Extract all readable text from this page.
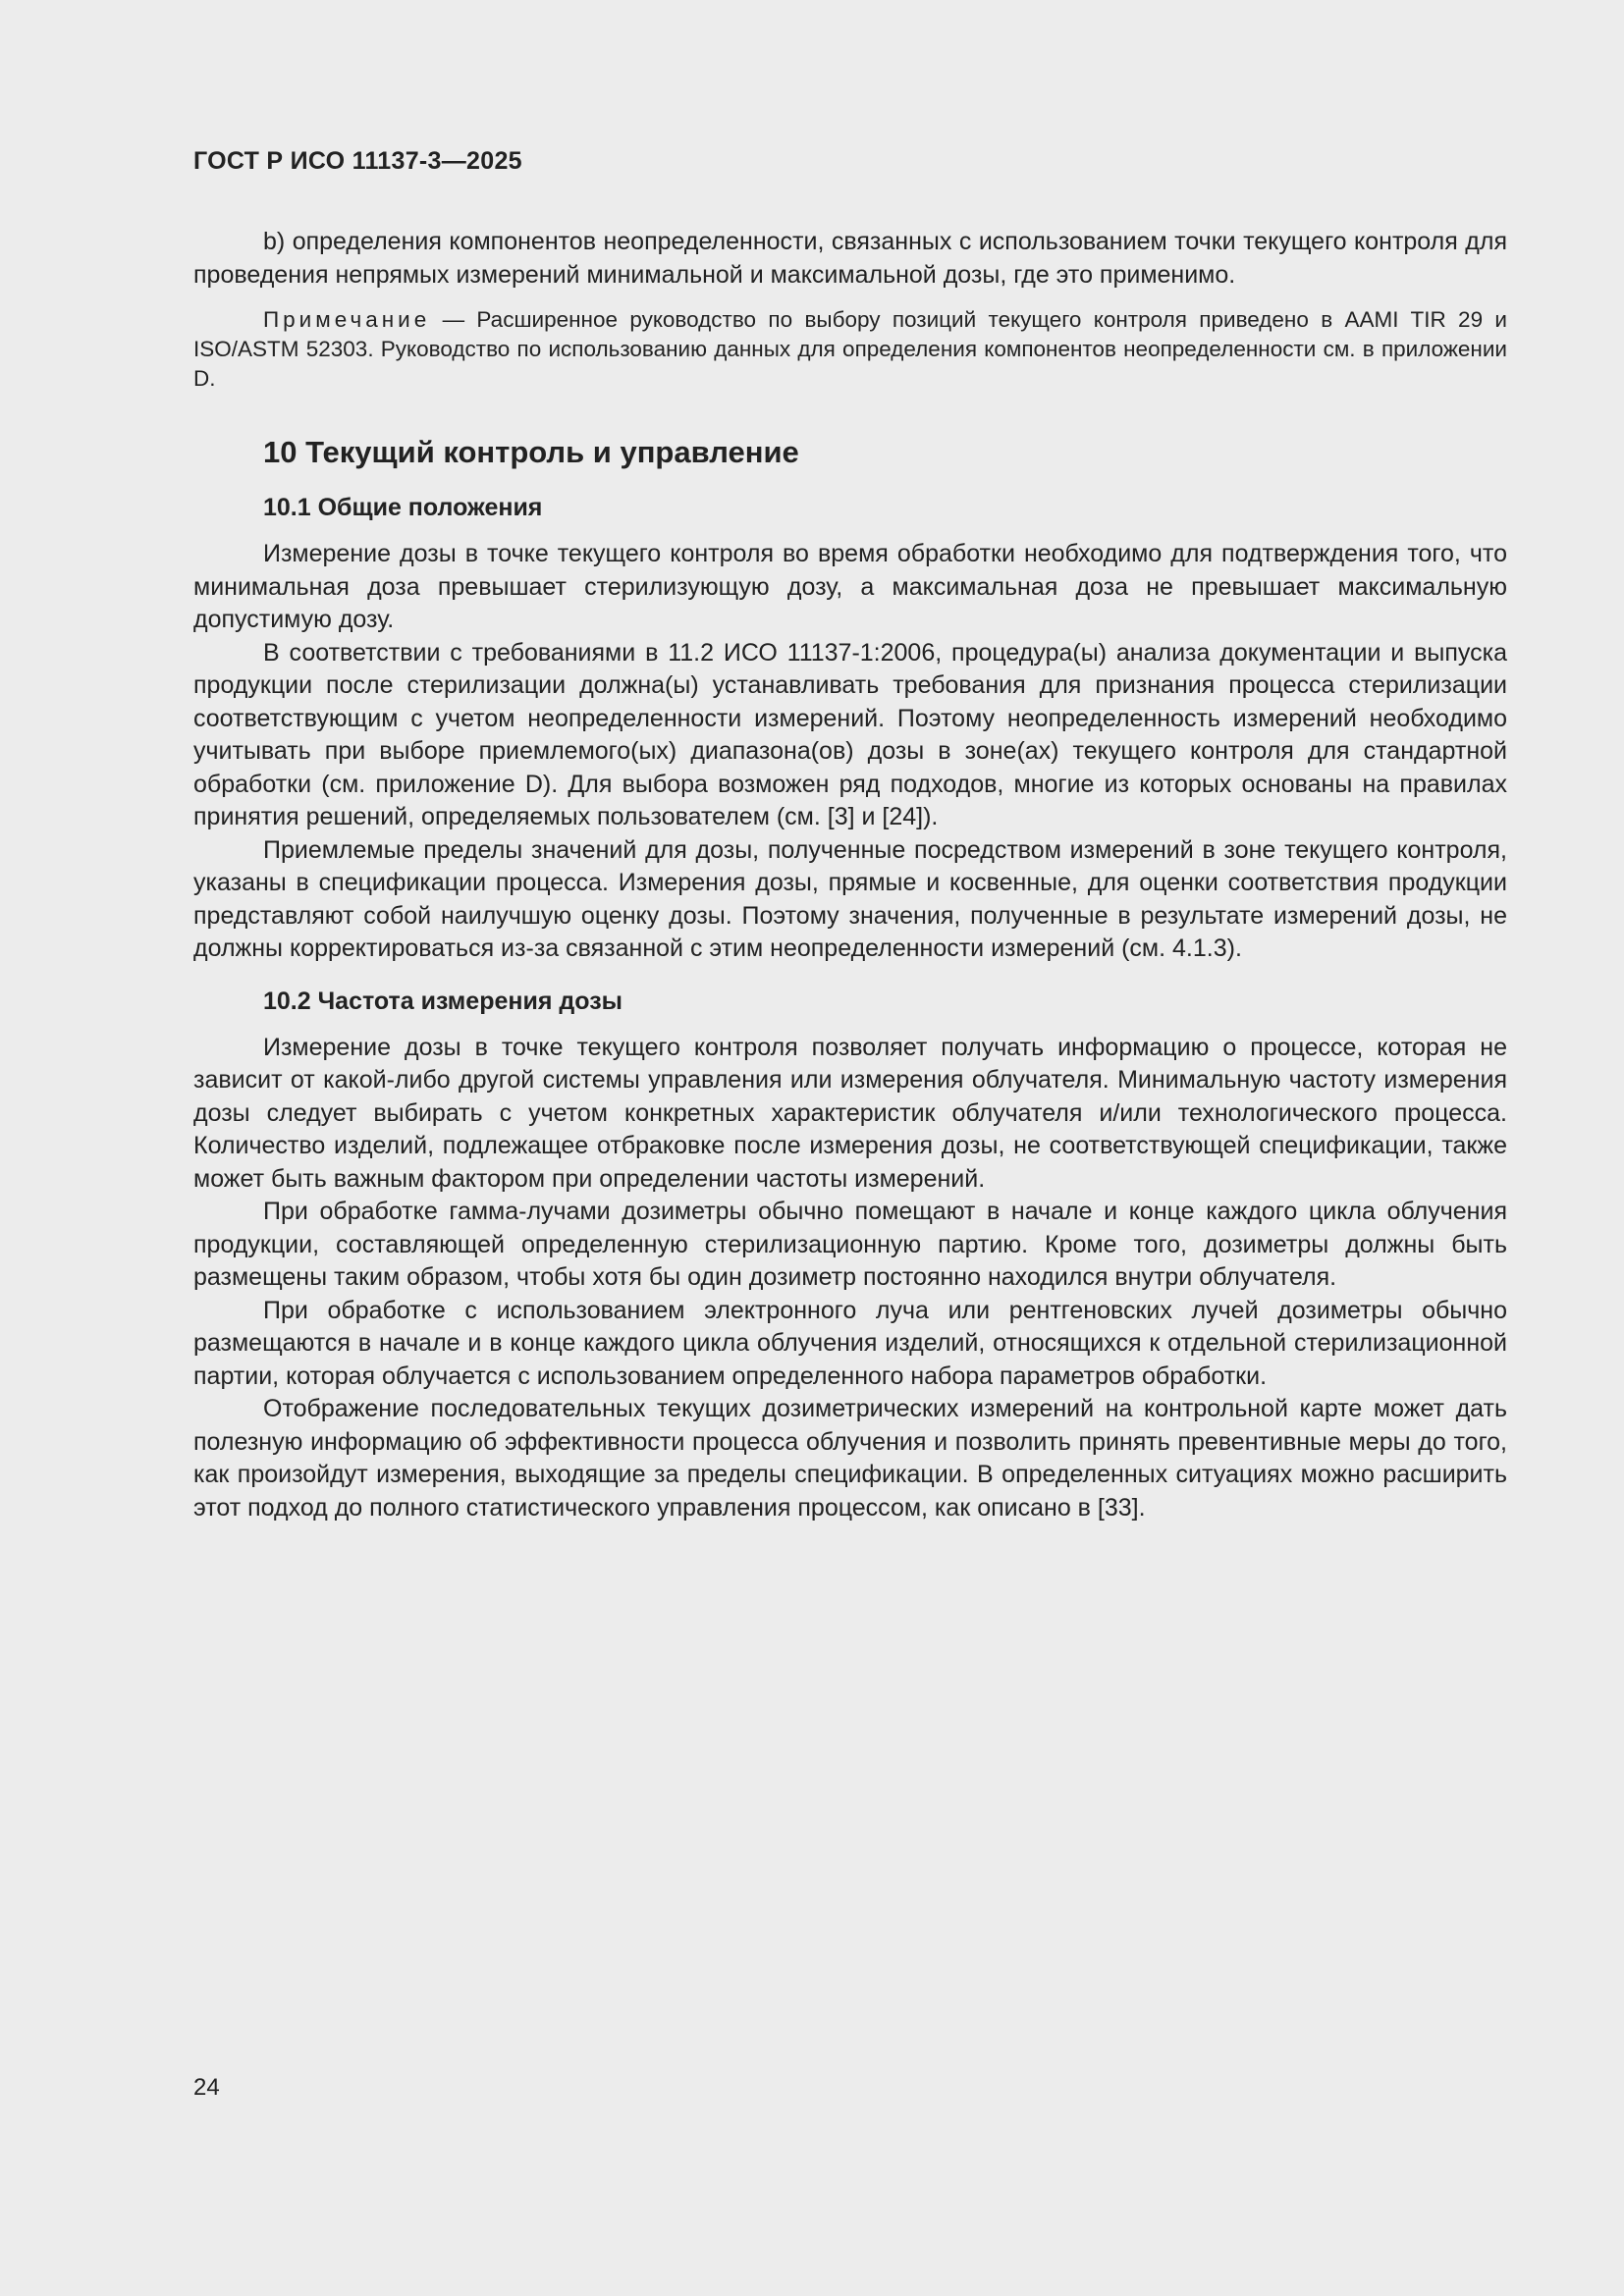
ГОСТ Р ИСО 11137-3—2025

b) определения компонентов неопределенности, связанных с использованием точки текущего контроля для проведения непрямых измерений минимальной и максимальной дозы, где это применимо.

Примечание — Расширенное руководство по выбору позиций текущего контроля приведено в AAMI TIR 29 и ISO/ASTM 52303. Руководство по использованию данных для определения компонентов неопределенности см. в приложении D.

10 Текущий контроль и управление
10.1 Общие положения

Измерение дозы в точке текущего контроля во время обработки необходимо для подтверждения того, что минимальная доза превышает стерилизующую дозу, а максимальная доза не превышает максимальную допустимую дозу.

В соответствии с требованиями в 11.2 ИСО 11137-1:2006, процедура(ы) анализа документации и выпуска продукции после стерилизации должна(ы) устанавливать требования для признания процесса стерилизации соответствующим с учетом неопределенности измерений. Поэтому неопределенность измерений необходимо учитывать при выборе приемлемого(ых) диапазона(ов) дозы в зоне(ах) текущего контроля для стандартной обработки (см. приложение D). Для выбора возможен ряд подходов, многие из которых основаны на правилах принятия решений, определяемых пользователем (см. [3] и [24]).

Приемлемые пределы значений для дозы, полученные посредством измерений в зоне текущего контроля, указаны в спецификации процесса. Измерения дозы, прямые и косвенные, для оценки соответствия продукции представляют собой наилучшую оценку дозы. Поэтому значения, полученные в результате измерений дозы, не должны корректироваться из-за связанной с этим неопределенности измерений (см. 4.1.3).

10.2 Частота измерения дозы

Измерение дозы в точке текущего контроля позволяет получать информацию о процессе, которая не зависит от какой-либо другой системы управления или измерения облучателя. Минимальную частоту измерения дозы следует выбирать с учетом конкретных характеристик облучателя и/или технологического процесса. Количество изделий, подлежащее отбраковке после измерения дозы, не соответствующей спецификации, также может быть важным фактором при определении частоты измерений.

При обработке гамма-лучами дозиметры обычно помещают в начале и конце каждого цикла облучения продукции, составляющей определенную стерилизационную партию. Кроме того, дозиметры должны быть размещены таким образом, чтобы хотя бы один дозиметр постоянно находился внутри облучателя.

При обработке с использованием электронного луча или рентгеновских лучей дозиметры обычно размещаются в начале и в конце каждого цикла облучения изделий, относящихся к отдельной стерилизационной партии, которая облучается с использованием определенного набора параметров обработки.

Отображение последовательных текущих дозиметрических измерений на контрольной карте может дать полезную информацию об эффективности процесса облучения и позволить принять превентивные меры до того, как произойдут измерения, выходящие за пределы спецификации. В определенных ситуациях можно расширить этот подход до полного статистического управления процессом, как описано в [33].

24
